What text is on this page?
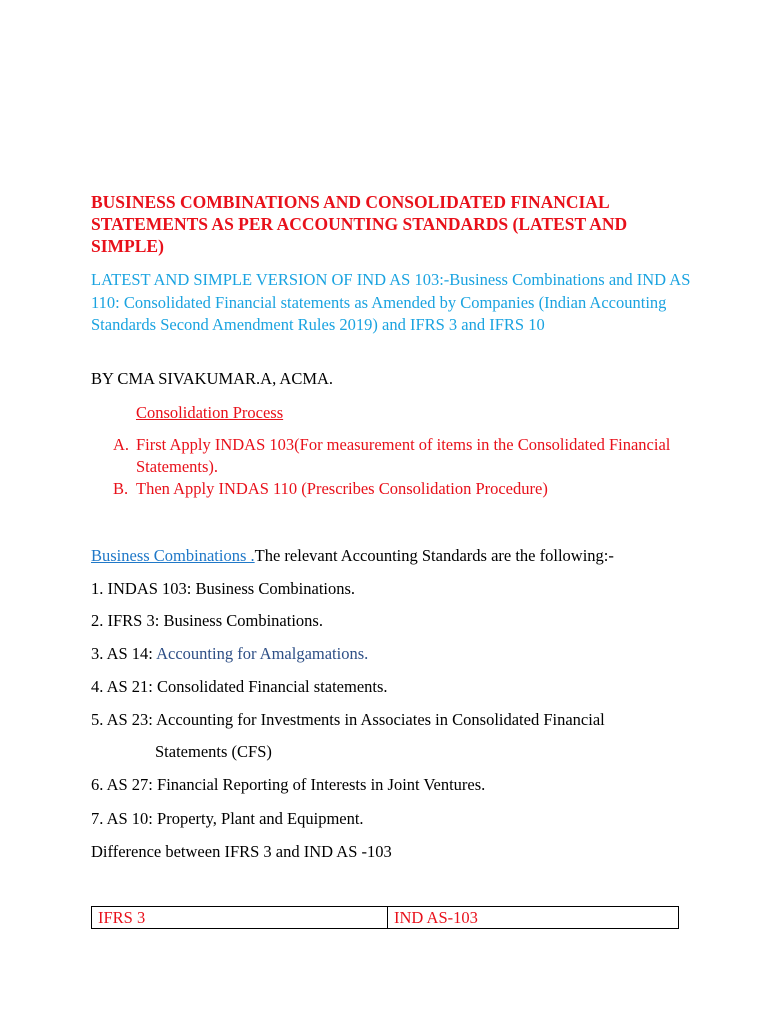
BUSINESS COMBINATIONS AND CONSOLIDATED FINANCIAL STATEMENTS AS PER ACCOUNTING STANDARDS (LATEST AND SIMPLE)
LATEST AND SIMPLE VERSION OF IND AS 103:-Business Combinations and IND AS 110: Consolidated Financial statements as Amended by Companies (Indian Accounting Standards Second Amendment Rules 2019) and IFRS 3 and IFRS 10
BY CMA SIVAKUMAR.A, ACMA.
Consolidation Process
A. First Apply INDAS 103(For measurement of items in the Consolidated Financial Statements).
B. Then Apply INDAS 110 (Prescribes Consolidation Procedure)
Business Combinations .The relevant Accounting Standards are the following:-
1. INDAS 103: Business Combinations.
2. IFRS 3: Business Combinations.
3. AS 14: Accounting for Amalgamations.
4. AS 21: Consolidated Financial statements.
5. AS 23: Accounting for Investments in Associates in Consolidated Financial
Statements (CFS)
6. AS 27: Financial Reporting of Interests in Joint Ventures.
7. AS 10: Property, Plant and Equipment.
Difference between IFRS 3 and IND AS -103
IFRS 3	IND AS-103
